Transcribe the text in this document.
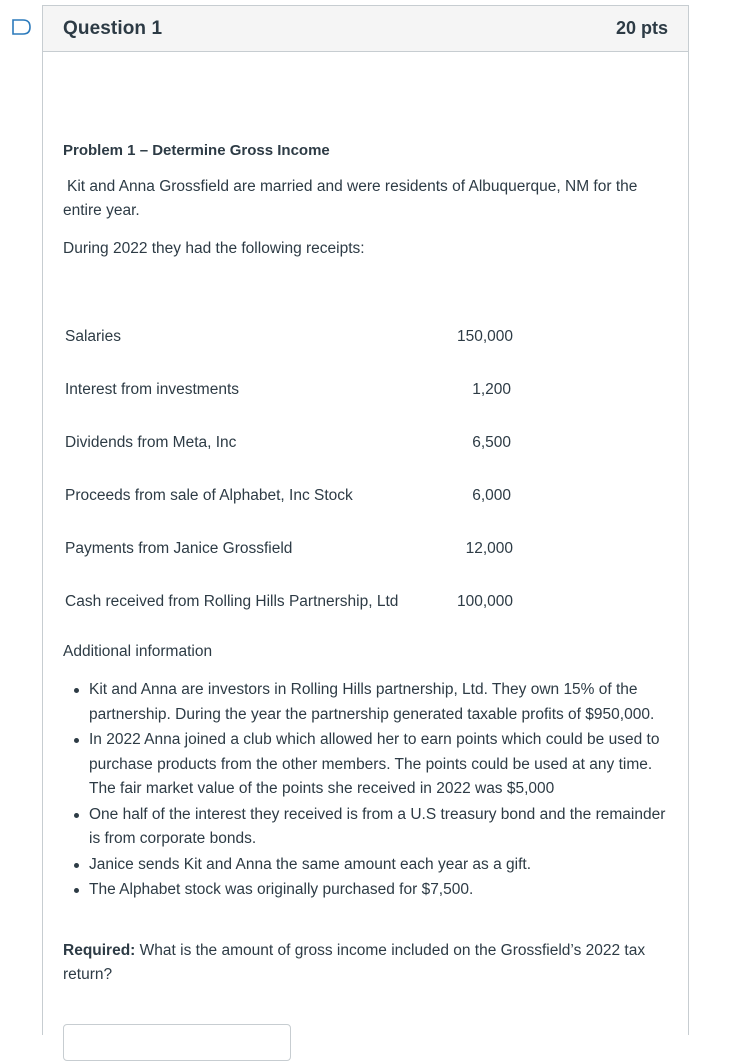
Question 1	20 pts
Problem 1 – Determine Gross Income
Kit and Anna Grossfield are married and were residents of Albuquerque, NM for the entire year.
During 2022 they had the following receipts:
Salaries	150,000
Interest from investments	1,200
Dividends from Meta, Inc	6,500
Proceeds from sale of Alphabet, Inc Stock	6,000
Payments from Janice Grossfield	12,000
Cash received from Rolling Hills Partnership, Ltd	100,000
Additional information
Kit and Anna are investors in Rolling Hills partnership, Ltd. They own 15% of the partnership. During the year the partnership generated taxable profits of $950,000.
In 2022 Anna joined a club which allowed her to earn points which could be used to purchase products from the other members. The points could be used at any time. The fair market value of the points she received in 2022 was $5,000
One half of the interest they received is from a U.S treasury bond and the remainder is from corporate bonds.
Janice sends Kit and Anna the same amount each year as a gift.
The Alphabet stock was originally purchased for $7,500.
Required: What is the amount of gross income included on the Grossfield’s 2022 tax return?
